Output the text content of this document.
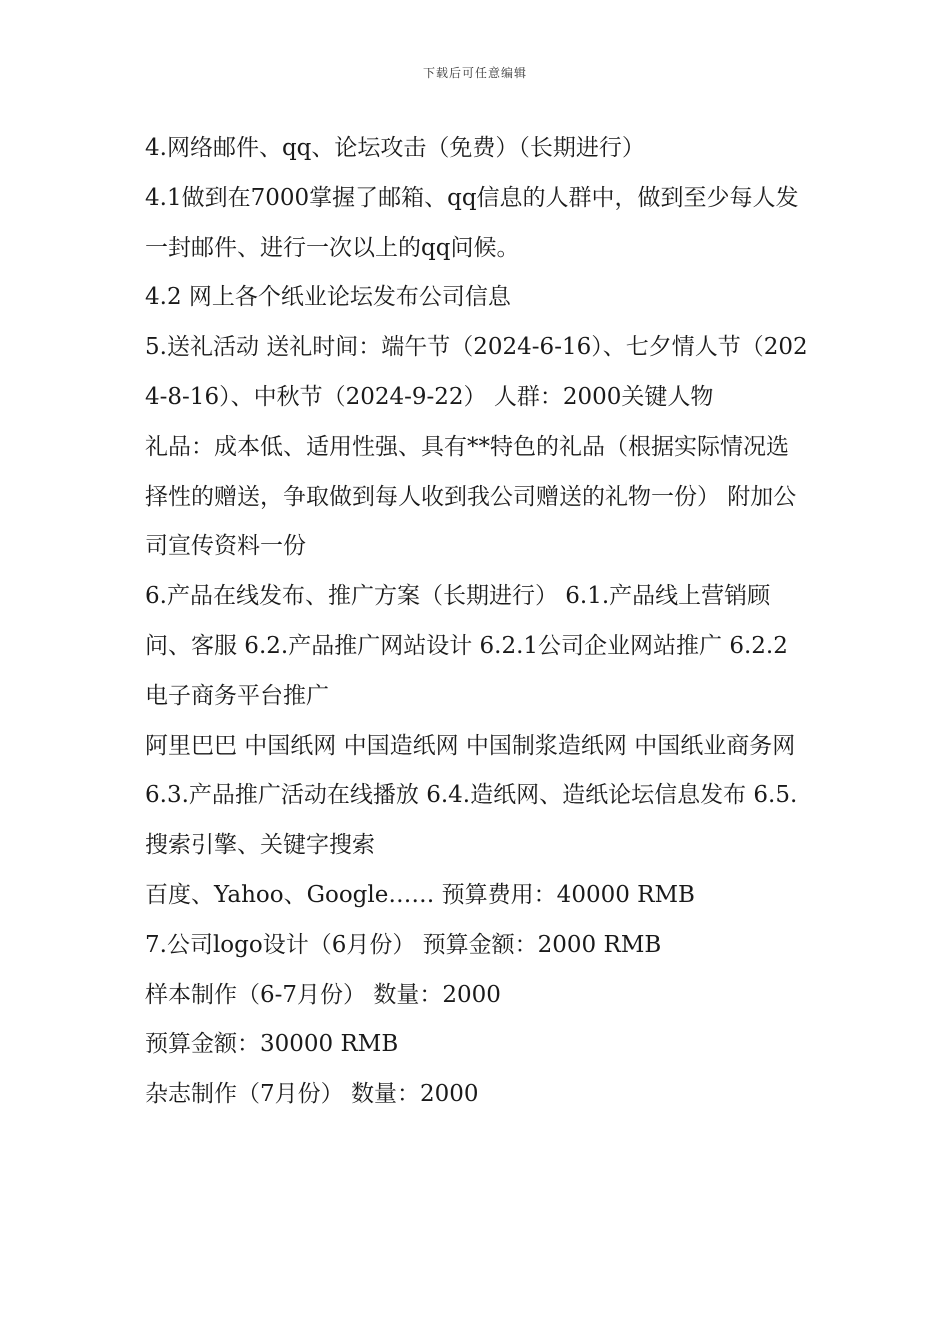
下载后可任意编辑

4.网络邮件、qq、论坛攻击（免费）（长期进行）

4.1做到在7000掌握了邮箱、qq信息的人群中，做到至少每人发一封邮件、进行一次以上的qq问候。

4.2 网上各个纸业论坛发布公司信息

5.送礼活动 送礼时间：端午节（2024-6-16）、七夕情人节（2024-8-16）、中秋节（2024-9-22） 人群：2000关键人物

礼品：成本低、适用性强、具有**特色的礼品（根据实际情况选择性的赠送，争取做到每人收到我公司赠送的礼物一份） 附加公司宣传资料一份

6.产品在线发布、推广方案（长期进行） 6.1.产品线上营销顾问、客服 6.2.产品推广网站设计 6.2.1公司企业网站推广 6.2.2电子商务平台推广

阿里巴巴 中国纸网 中国造纸网 中国制浆造纸网 中国纸业商务网

6.3.产品推广活动在线播放 6.4.造纸网、造纸论坛信息发布 6.5.搜索引擎、关键字搜索

百度、Yahoo、Google…… 预算费用：40000 RMB

7.公司logo设计（6月份） 预算金额：2000 RMB

样本制作（6-7月份） 数量：2000

预算金额：30000 RMB

杂志制作（7月份） 数量：2000
